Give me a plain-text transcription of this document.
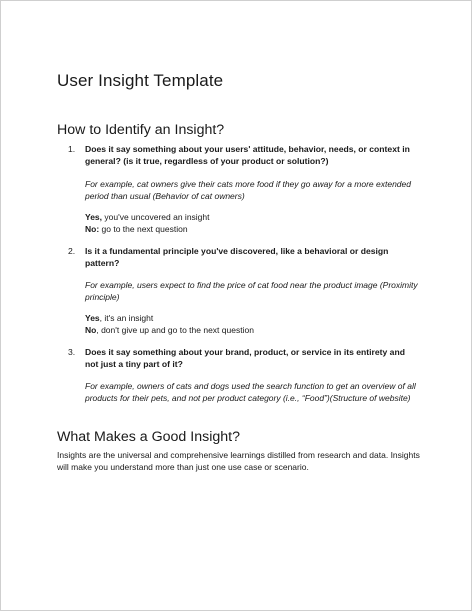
User Insight Template
How to Identify an Insight?
1. Does it say something about your users' attitude, behavior, needs, or context in general? (is it true, regardless of your product or solution?)
For example, cat owners give their cats more food if they go away for a more extended period than usual (Behavior of cat owners)
Yes, you've uncovered an insight
No: go to the next question
2. Is it a fundamental principle you've discovered, like a behavioral or design pattern?
For example, users expect to find the price of cat food near the product image (Proximity principle)
Yes, it's an insight
No, don't give up and go to the next question
3. Does it say something about your brand, product, or service in its entirety and not just a tiny part of it?
For example, owners of cats and dogs used the search function to get an overview of all products for their pets, and not per product category (i.e., “Food”)(Structure of website)
What Makes a Good Insight?
Insights are the universal and comprehensive learnings distilled from research and data. Insights will make you understand more than just one use case or scenario.
